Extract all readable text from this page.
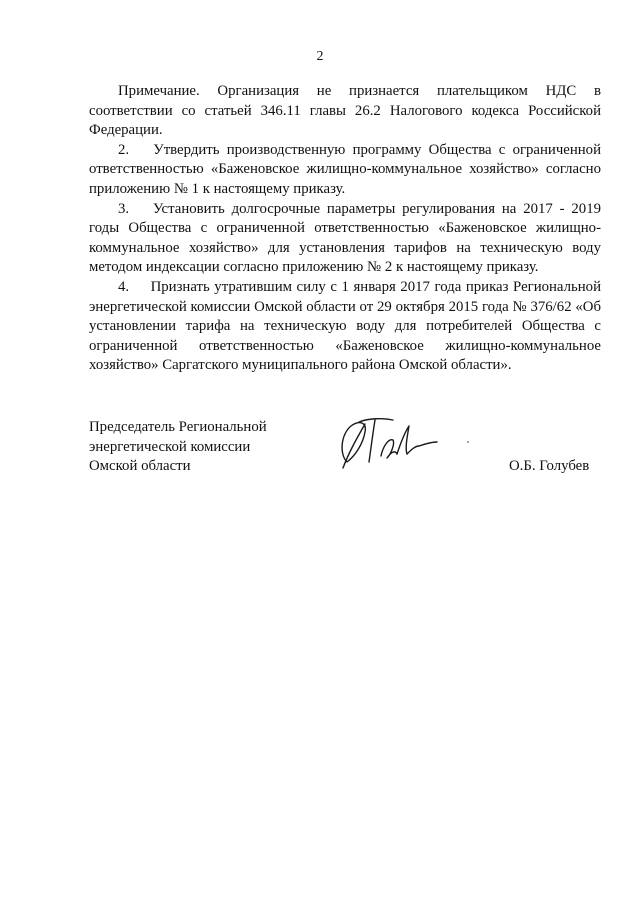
2

Примечание. Организация не признается плательщиком НДС в соответствии со статьей 346.11 главы 26.2 Налогового кодекса Российской Федерации.

2. Утвердить производственную программу Общества с ограниченной ответственностью «Баженовское жилищно-коммунальное хозяйство» согласно приложению № 1 к настоящему приказу.

3. Установить долгосрочные параметры регулирования на 2017 - 2019 годы Общества с ограниченной ответственностью «Баженовское жилищно-коммунальное хозяйство» для установления тарифов на техническую воду методом индексации согласно приложению № 2 к настоящему приказу.

4. Признать утратившим силу с 1 января 2017 года приказ Региональной энергетической комиссии Омской области от 29 октября 2015 года № 376/62 «Об установлении тарифа на техническую воду для потребителей Общества с ограниченной ответственностью «Баженовское жилищно-коммунальное хозяйство» Саргатского муниципального района Омской области».

Председатель Региональной
энергетической комиссии
Омской области	О.Б. Голубев
